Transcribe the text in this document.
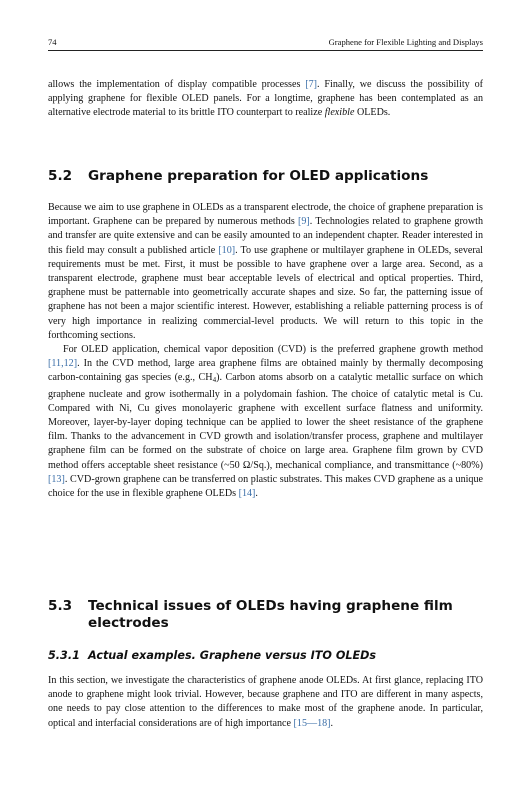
74	Graphene for Flexible Lighting and Displays

allows the implementation of display compatible processes [7]. Finally, we discuss the possibility of applying graphene for flexible OLED panels. For a longtime, graphene has been contemplated as an alternative electrode material to its brittle ITO counterpart to realize flexible OLEDs.

5.2	Graphene preparation for OLED applications

Because we aim to use graphene in OLEDs as a transparent electrode, the choice of graphene preparation is important. Graphene can be prepared by numerous methods [9]. Technologies related to graphene growth and transfer are quite extensive and can be easily amounted to an independent chapter. Reader interested in this field may consult a published article [10]. To use graphene or multilayer graphene in OLEDs, several requirements must be met. First, it must be possible to have graphene over a large area. Second, as a transparent electrode, graphene must bear acceptable levels of electrical and optical properties. Third, graphene must be patternable into geometrically accurate shapes and size. So far, the patterning issue of graphene has not been a major scientific interest. However, establishing a reliable patterning process is of very high importance in realizing commercial-level products. We will return to this topic in the forthcoming sections.

For OLED application, chemical vapor deposition (CVD) is the preferred graphene growth method [11,12]. In the CVD method, large area graphene films are obtained mainly by thermally decomposing carbon-containing gas species (e.g., $CH_4$). Carbon atoms absorb on a catalytic metallic surface on which graphene nucleate and grow isothermally in a polydomain fashion. The choice of catalytic metal is Cu. Compared with Ni, Cu gives monolayeric graphene with excellent surface flatness and uniformity. Moreover, layer-by-layer doping technique can be applied to lower the sheet resistance of the graphene film. Thanks to the advancement in CVD growth and isolation/transfer process, graphene and multilayer graphene film can be formed on the substrate of choice on large area. Graphene film grown by CVD method offers acceptable sheet resistance (~50 Ω/Sq.), mechanical compliance, and transmittance (~80%) [13]. CVD-grown graphene can be transferred on plastic substrates. This makes CVD graphene as a unique choice for the use in flexible graphene OLEDs [14].

5.3	Technical issues of OLEDs having graphene film electrodes
5.3.1 Actual examples. Graphene versus ITO OLEDs

In this section, we investigate the characteristics of graphene anode OLEDs. At first glance, replacing ITO anode to graphene might look trivial. However, because graphene and ITO are different in many aspects, one needs to pay close attention to the differences to make most of the graphene anode. In particular, optical and interfacial considerations are of high importance [15—18].
